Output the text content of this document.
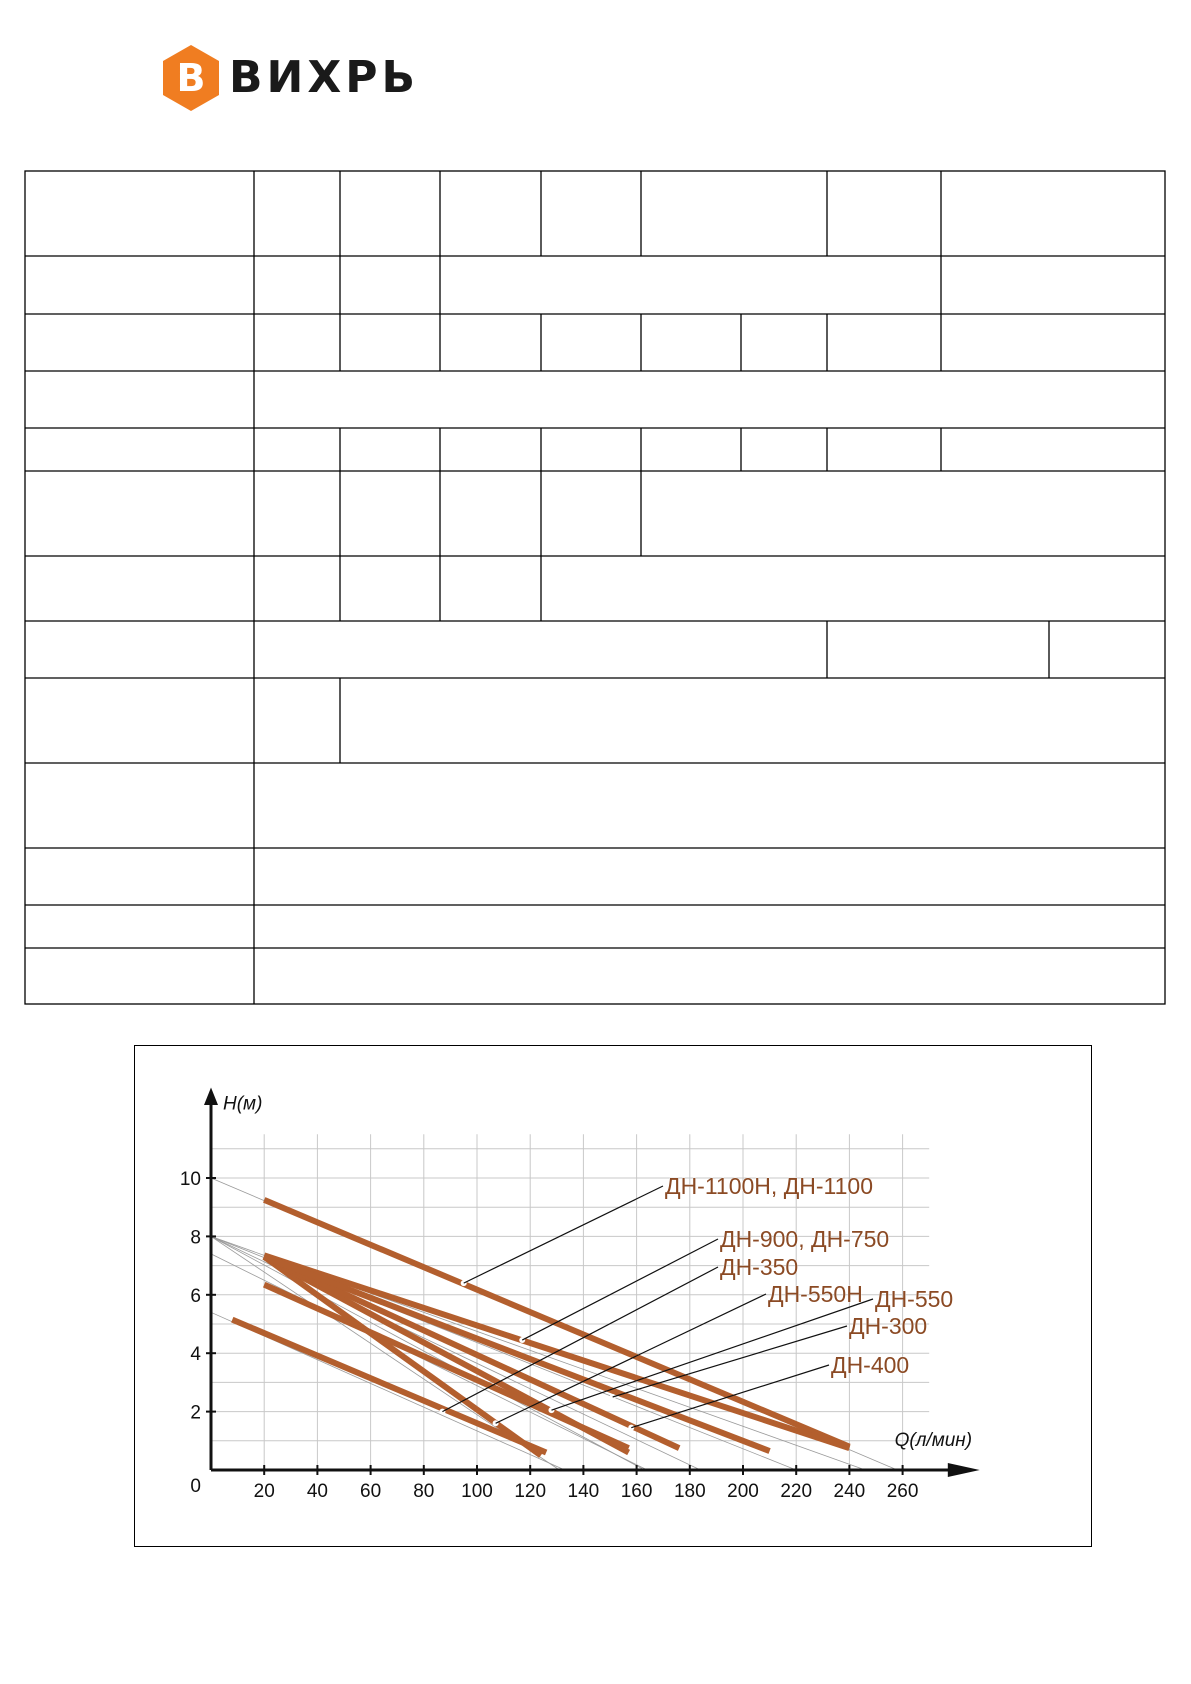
В ВИХРЬ
ДН-1100Н, ДН-1100
ДН-900, ДН-750
ДН-350
ДН-550Н ДН-550
ДН-300
ДН-400
20 40 60 80 100 120 140 160 180 200 220 240 260
2
4
6
8
10
0
H(м)
Q(л/мин)
